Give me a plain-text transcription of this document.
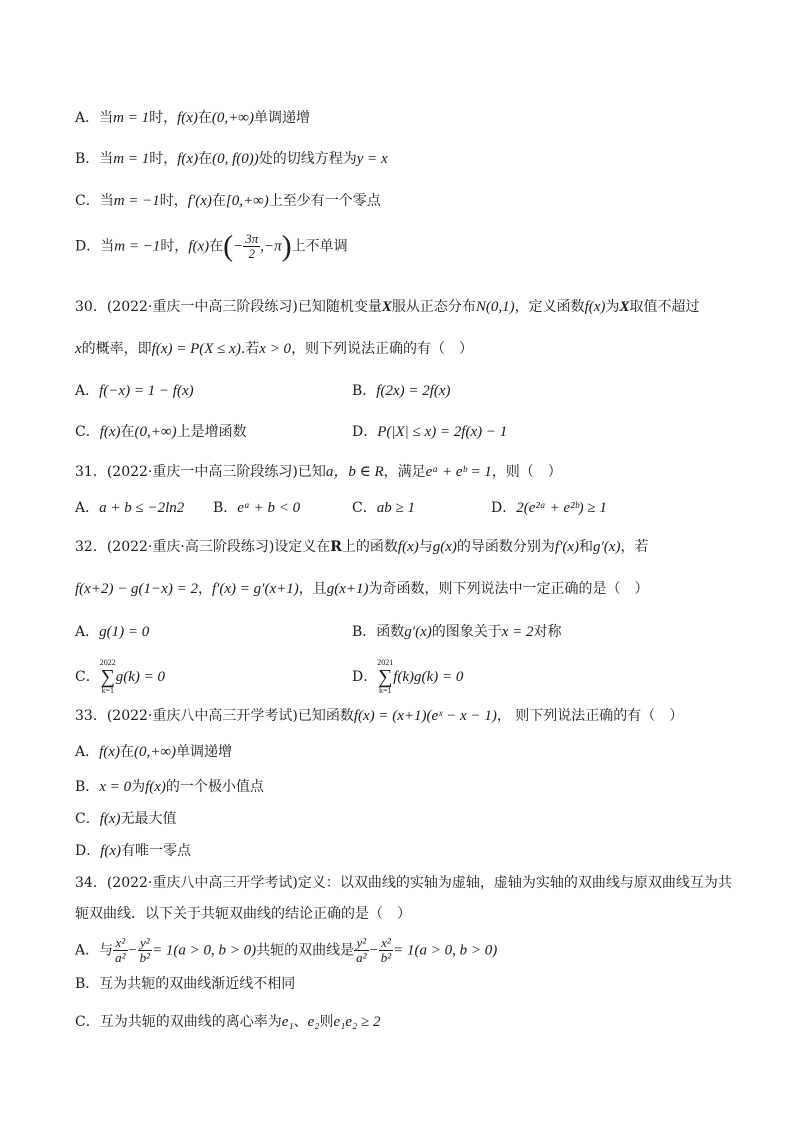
A．当m = 1时，f(x)在(0,+∞)单调递增
B．当m = 1时，f(x)在(0, f(0))处的切线方程为y = x
C．当m = −1时，f′(x)在[0,+∞)上至少有一个零点
D．当m = −1时，f(x)在(− $\frac{3\pi}{2} ,-\pi$)上不单调
30．(2022·重庆一中高三阶段练习)已知随机变量X服从正态分布N(0,1)，定义函数f(x)为X取值不超过
x的概率，即f(x) = P(X ≤ x).若x > 0，则下列说法正确的有（　）
A．f(−x) = 1 − f(x)	B．f(2x) = 2f(x)
C．f(x)在(0,+∞)上是增函数	D．P(|X| ≤ x) = 2f(x) − 1
31．(2022·重庆一中高三阶段练习)已知a，b ∈ R，满足eᵃ + eᵇ = 1，则（　）
A．a + b ≤ −2ln2 B．eᵃ + b < 0	C．ab ≥ 1	D．2(e²ᵃ + e²ᵇ) ≥ 1
32．(2022·重庆·高三阶段练习)设定义在R上的函数f(x)与g(x)的导函数分别为f′(x)和g′(x)，若
f(x+2) − g(1−x) = 2，f′(x) = g′(x+1)，且g(x+1)为奇函数，则下列说法中一定正确的是（　）
A．g(1) = 0	B．函数g′(x)的图象关于x = 2对称
C．
2022
∑
k=1
g(k) = 0	D．
2021
∑
k=1
f(k)g(k) = 0
33．(2022·重庆八中高三开学考试)已知函数f(x) = (x+1)(eˣ − x − 1)， 则下列说法正确的有（　）
A．f(x)在(0,+∞)单调递增
B．x = 0为f(x)的一个极小值点
C．f(x)无最大值
D．f(x)有唯一零点
34．(2022·重庆八中高三开学考试)定义：以双曲线的实轴为虚轴，虚轴为实轴的双曲线与原双曲线互为共
轭双曲线．以下关于共轭双曲线的结论正确的是（　）
A．与 $\frac{\text{x²}}{\text{a²}} - \frac{\text{y²}}{\text{b²}} = 1(a > 0$, b > 0)共轭的双曲线是 $\frac{\text{y²}}{\text{a²}} - \frac{\text{x²}}{\text{b²}} = 1(a > 0$, b > 0)
B．互为共轭的双曲线渐近线不相同
C．互为共轭的双曲线的离心率为e₁、e₂则e₁e₂ ≥ 2
